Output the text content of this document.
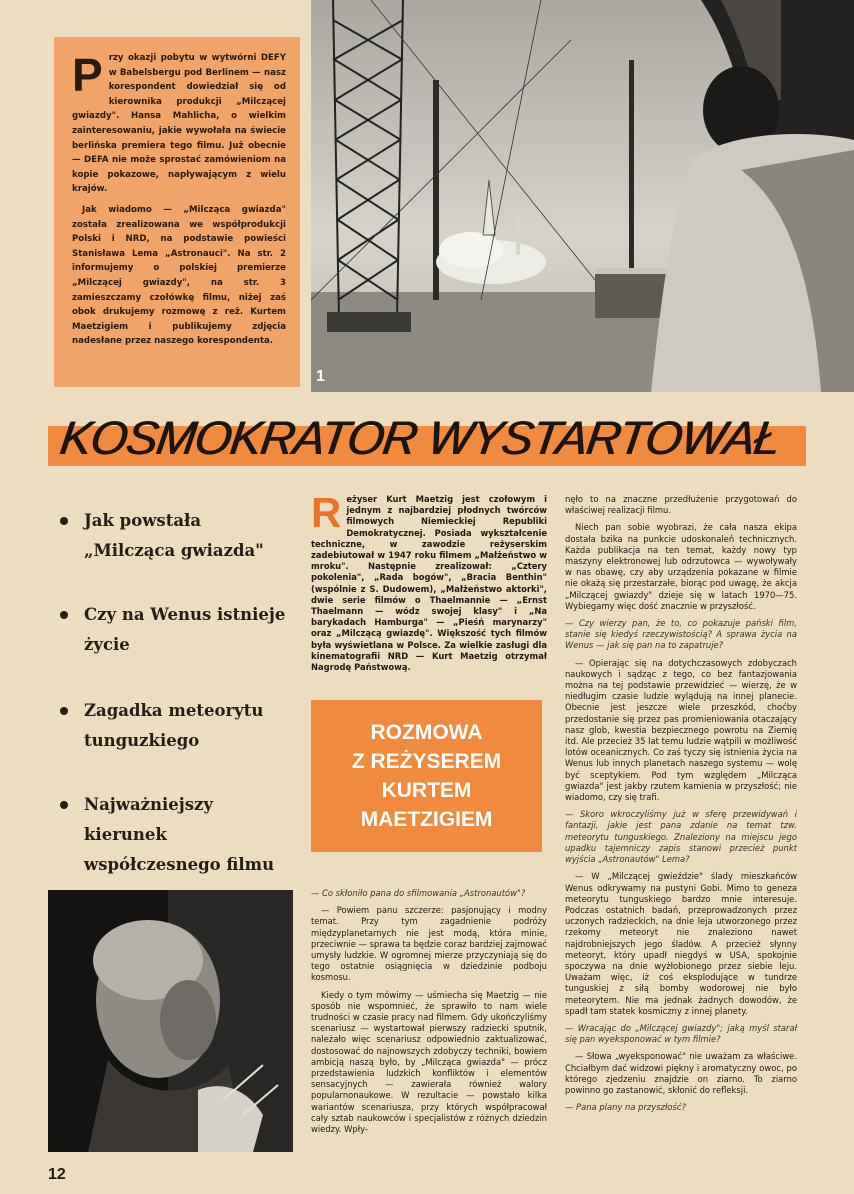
P rzy okazji pobytu w wytwórni DEFY w Babelsbergu pod Berlinem — nasz korespondent dowiedział się od kierownika produkcji „Milczącej gwiazdy". Hansa Mahlicha, o wielkim zainteresowaniu, jakie wywołała na świecie berlińska premiera tego filmu. Już obecnie — DEFA nie może sprostać zamówieniom na kopie pokazowe, napływającym z wielu krajów.

Jak wiadomo — „Milcząca gwiazda" została zrealizowana we współprodukcji Polski i NRD, na podstawie powieści Stanisława Lema „Astronauci". Na str. 2 informujemy o polskiej premierze „Milczącej gwiazdy", na str. 3 zamieszczamy czołówkę filmu, niżej zaś obok drukujemy rozmowę z reż. Kurtem Maetzigiem i publikujemy zdjęcia nadesłane przez naszego korespondenta.

1
KOSMOKRATOR WYSTARTOWAŁ
Jak powstała „Milcząca gwiazda"
Czy na Wenus istnieje życie
Zagadka meteorytu tunguzkiego
Najważniejszy kierunek współczesnego filmu
R eżyser Kurt Maetzig jest czołowym i jednym z najbardziej płodnych twórców filmowych Niemieckiej Republiki Demokratycznej. Posiada wykształcenie techniczne, w zawodzie reżyserskim zadebiutował w 1947 roku filmem „Małżeństwo w mroku". Następnie zrealizował: „Cztery pokolenia", „Rada bogów", „Bracia Benthin" (wspólnie z S. Dudowem), „Małżeństwo aktorki", dwie serie filmów o Thaelmannie — „Ernst Thaelmann — wódz swojej klasy" i „Na barykadach Hamburga" — „Pieśń marynarzy" oraz „Milczącą gwiazdę". Większość tych filmów była wyświetlana w Polsce. Za wielkie zasługi dla kinematografii NRD — Kurt Maetzig otrzymał Nagrodę Państwową.
ROZMOWA
Z REŻYSEREM
KURTEM
MAETZIGIEM

— Co skłoniło pana do sfilmowania „Astronautów"?

— Powiem panu szczerze: pasjonujący i modny temat. Przy tym zagadnienie podróży międzyplanetarnych nie jest modą, która minie, przeciwnie — sprawa ta będzie coraz bardziej zajmować umysły ludzkie. W ogromnej mierze przyczyniają się do tego ostatnie osiągnięcia w dziedzinie podboju kosmosu.

Kiedy o tym mówimy — uśmiecha się Maetzig — nie sposób nie wspomnieć, że sprawiło to nam wiele trudności w czasie pracy nad filmem. Gdy ukończyliśmy scenariusz — wystartował pierwszy radziecki sputnik, należało więc scenariusz odpowiednio zaktualizować, dostosować do najnowszych zdobyczy techniki, bowiem ambicją naszą było, by „Milcząca gwiazda" — prócz przedstawienia ludzkich konfliktów i elementów sensacyjnych — zawierała również walory popularnonaukowe. W rezultacie — powstało kilka wariantów scenariusza, przy których współpracował cały sztab naukowców i specjalistów z różnych dziedzin wiedzy. Wpły-

nęło to na znaczne przedłużenie przygotowań do właściwej realizacji filmu.

Niech pan sobie wyobrazi, że cała nasza ekipa dostała bzika na punkcie udoskonaleń technicznych. Każda publikacja na ten temat, każdy nowy typ maszyny elektronowej lub odrzutowca — wywoływały w nas obawę, czy aby urządzenia pokazane w filmie nie okażą się przestarzałe, biorąc pod uwagę, że akcja „Milczącej gwiazdy" dzieje się w latach 1970—75. Wybiegamy więc dość znacznie w przyszłość.

— Czy wierzy pan, że to, co pokazuje pański film, stanie się kiedyś rzeczywistością? A sprawa życia na Wenus — jak się pan na to zapatruje?

— Opierając się na dotychczasowych zdobyczach naukowych i sądząc z tego, co bez fantazjowania można na tej podstawie przewidzieć — wierzę, że w niedługim czasie ludzie wylądują na innej planecie. Obecnie jest jeszcze wiele przeszkód, choćby przedostanie się przez pas promieniowania otaczający nasz glob, kwestia bezpiecznego powrotu na Ziemię itd. Ale przecież 35 lat temu ludzie wątpili w możliwość lotów oceanicznych. Co zaś tyczy się istnienia życia na Wenus lub innych planetach naszego systemu — wolę być sceptykiem. Pod tym względem „Milcząca gwiazda" jest jakby rzutem kamienia w przyszłość; nie wiadomo, czy się trafi.

— Skoro wkroczyliśmy już w sferę przewidywań i fantazji, jakie jest pana zdanie na temat tzw. meteorytu tunguskiego. Znaleziony na miejscu jego upadku tajemniczy zapis stanowi przecież punkt wyjścia „Astronautów" Lema?

— W „Milczącej gwieździe" ślady mieszkańców Wenus odkrywamy na pustyni Gobi. Mimo to geneza meteorytu tunguskiego bardzo mnie interesuje. Podczas ostatnich badań, przeprowadzonych przez uczonych radzieckich, na dnie leja utworzonego przez rzekomy meteoryt nie znaleziono nawet najdrobniejszych jego śladów. A przecież słynny meteoryt, który upadł niegdyś w USA, spokojnie spoczywa na dnie wyżłobionego przez siebie leju. Uważam więc, iż coś eksplodujące w tundrze tunguskiej z siłą bomby wodorowej nie było meteorytem. Nie ma jednak żadnych dowodów, że spadł tam statek kosmiczny z innej planety.

— Wracając do „Milczącej gwiazdy"; jaką myśl starał się pan wyeksponować w tym filmie?

— Słowa „wyeksponować" nie uważam za właściwe. Chciałbym dać widzowi piękny i aromatyczny owoc, po którego zjedzeniu znajdzie on ziarno. To ziarno powinno go zastanowić, skłonić do refleksji.

— Pana plany na przyszłość?

12
